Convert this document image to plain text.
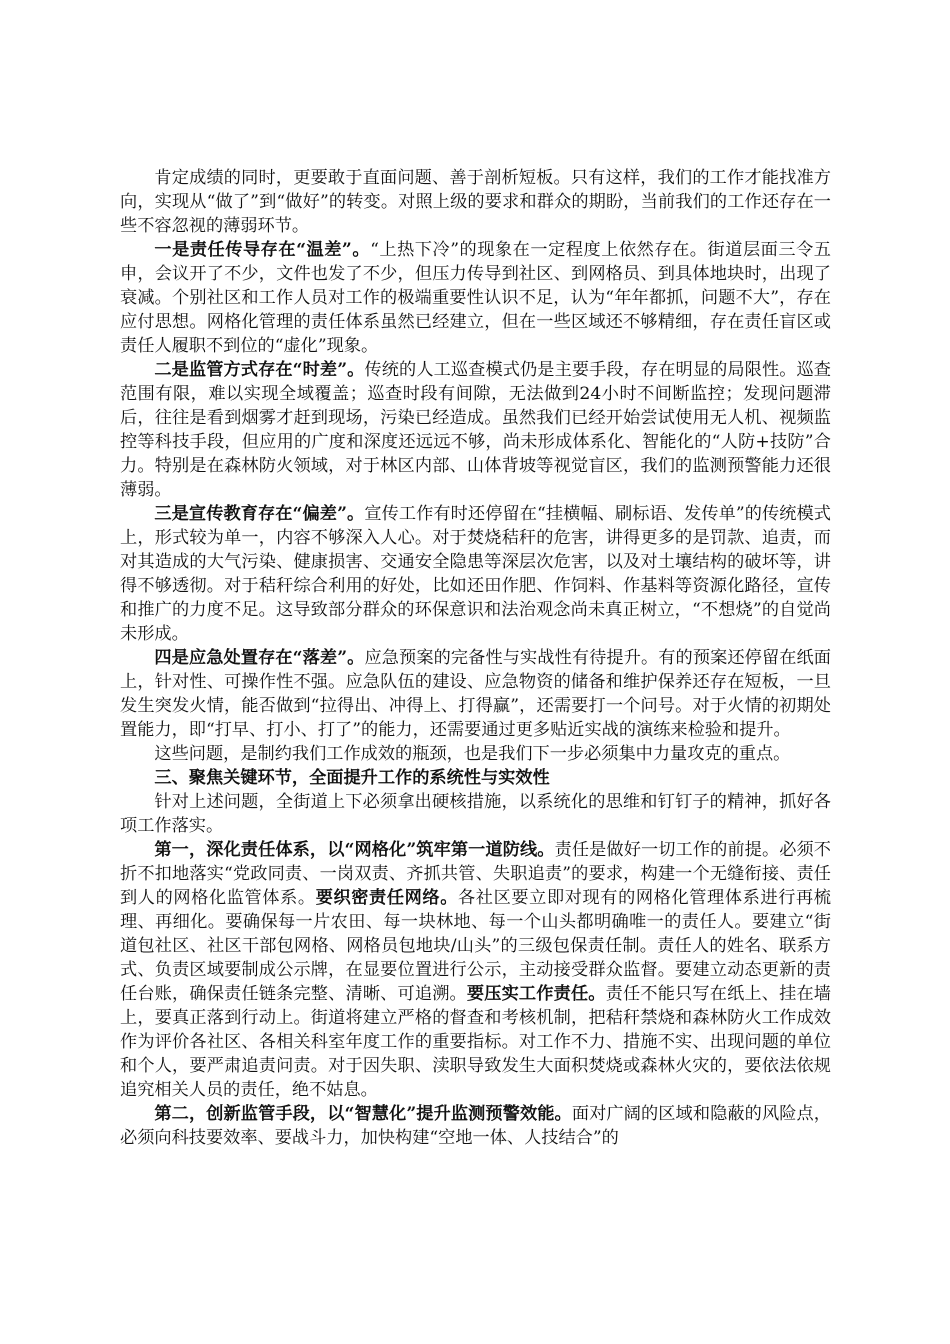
肯定成绩的同时，更要敢于直面问题、善于剖析短板。只有这样，我们的工作才能找准方向，实现从“做了”到“做好”的转变。对照上级的要求和群众的期盼，当前我们的工作还存在一些不容忽视的薄弱环节。

一是责任传导存在“温差”。“上热下冷”的现象在一定程度上依然存在。街道层面三令五申，会议开了不少，文件也发了不少，但压力传导到社区、到网格员、到具体地块时，出现了衰减。个别社区和工作人员对工作的极端重要性认识不足，认为“年年都抓，问题不大”，存在应付思想。网格化管理的责任体系虽然已经建立，但在一些区域还不够精细，存在责任盲区或责任人履职不到位的“虚化”现象。

二是监管方式存在“时差”。传统的人工巡查模式仍是主要手段，存在明显的局限性。巡查范围有限，难以实现全域覆盖；巡查时段有间隙，无法做到24小时不间断监控；发现问题滞后，往往是看到烟雾才赶到现场，污染已经造成。虽然我们已经开始尝试使用无人机、视频监控等科技手段，但应用的广度和深度还远远不够，尚未形成体系化、智能化的“人防+技防”合力。特别是在森林防火领域，对于林区内部、山体背坡等视觉盲区，我们的监测预警能力还很薄弱。

三是宣传教育存在“偏差”。宣传工作有时还停留在“挂横幅、刷标语、发传单”的传统模式上，形式较为单一，内容不够深入人心。对于焚烧秸秆的危害，讲得更多的是罚款、追责，而对其造成的大气污染、健康损害、交通安全隐患等深层次危害，以及对土壤结构的破坏等，讲得不够透彻。对于秸秆综合利用的好处，比如还田作肥、作饲料、作基料等资源化路径，宣传和推广的力度不足。这导致部分群众的环保意识和法治观念尚未真正树立，“不想烧”的自觉尚未形成。

四是应急处置存在“落差”。应急预案的完备性与实战性有待提升。有的预案还停留在纸面上，针对性、可操作性不强。应急队伍的建设、应急物资的储备和维护保养还存在短板，一旦发生突发火情，能否做到“拉得出、冲得上、打得赢”，还需要打一个问号。对于火情的初期处置能力，即“打早、打小、打了”的能力，还需要通过更多贴近实战的演练来检验和提升。

这些问题，是制约我们工作成效的瓶颈，也是我们下一步必须集中力量攻克的重点。

三、聚焦关键环节，全面提升工作的系统性与实效性

针对上述问题，全街道上下必须拿出硬核措施，以系统化的思维和钉钉子的精神，抓好各项工作落实。

第一，深化责任体系，以“网格化”筑牢第一道防线。责任是做好一切工作的前提。必须不折不扣地落实“党政同责、一岗双责、齐抓共管、失职追责”的要求，构建一个无缝衔接、责任到人的网格化监管体系。要织密责任网络。各社区要立即对现有的网格化管理体系进行再梳理、再细化。要确保每一片农田、每一块林地、每一个山头都明确唯一的责任人。要建立“街道包社区、社区干部包网格、网格员包地块/山头”的三级包保责任制。责任人的姓名、联系方式、负责区域要制成公示牌，在显要位置进行公示，主动接受群众监督。要建立动态更新的责任台账，确保责任链条完整、清晰、可追溯。要压实工作责任。责任不能只写在纸上、挂在墙上，要真正落到行动上。街道将建立严格的督查和考核机制，把秸秆禁烧和森林防火工作成效作为评价各社区、各相关科室年度工作的重要指标。对工作不力、措施不实、出现问题的单位和个人，要严肃追责问责。对于因失职、渎职导致发生大面积焚烧或森林火灾的，要依法依规追究相关人员的责任，绝不姑息。

第二，创新监管手段，以“智慧化”提升监测预警效能。面对广阔的区域和隐蔽的风险点，必须向科技要效率、要战斗力，加快构建“空地一体、人技结合”的
